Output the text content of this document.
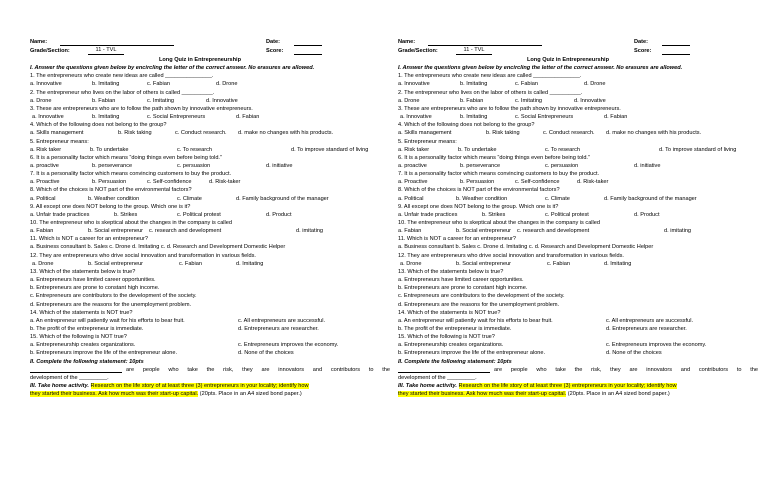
Name:	Date:
Grade/Section:	11 - TVL	Score:
Long Quiz in Entrepreneurship
I. Answer the questions given below by encircling the letter of the correct answer. No erasures are allowed.
1. The entrepreneurs who create new ideas are called _______________.
a. Innovative	b. Imitating	c. Fabian	d. Drone
2. The entrepreneur who lives on the labor of others is called __________.
a. Drone	b. Fabian	c. Imitating	d. Innovative
3. These are entrepreneurs who are to follow the path shown by innovative entrepreneurs.
a. Innovative	b. Imitating	c. Social Entrepreneurs	d. Fabian
4. Which of the following does not belong to the group?
a. Skills management	b. Risk taking	c. Conduct research. d. make no changes with his products.
5. Entrepreneur means:
a. Risk taker	b. To undertake	c. To research	d. To improve standard of living
6. It is a personality factor which means “doing things even before being told.”
a. proactive	b. perseverance	c. persuasion	d. initiative
7. It is a personality factor which means convincing customers to buy the product.
a. Proactive	b. Persuasion	c. Self-confidence	d. Risk-taker
8. Which of the choices is NOT part of the environmental factors?
a. Political	b. Weather condition	c. Climate	d. Family background of the manager
9. All except one does NOT belong to the group. Which one is it?
a. Unfair trade practices	b. Strikes	c. Political protest	d. Product
10. The entrepreneur who is skeptical about the changes in the company is called
a. Fabian	b. Social entrepreneur c. research and development	d. imitating
11. Which is NOT a career for an entrepreneur?
a. Business consultant b. Sales c. Drone d. Imitating c. d. Research and Development Domestic Helper
12. They are entrepreneurs who drive social innovation and transformation in various fields.
a. Drone	b. Social entrepreneur	c. Fabian	d. Imitating
13. Which of the statements below is true?
a. Entrepreneurs have limited career opportunities.
b. Entrepreneurs are prone to constant high income.
c. Entrepreneurs are contributors to the development of the society.
d. Entrepreneurs are the reasons for the unemployment problem.
14. Which of the statements is NOT true?
a. An entrepreneur will patiently wait for his efforts to bear fruit.	c. All entrepreneurs are successful.
b. The profit of the entrepreneur is immediate.	d. Entrepreneurs are researcher.
15. Which of the following is NOT true?
a. Entrepreneurship creates organizations.	c. Entrepreneurs improves the economy.
b. Entrepreneurs improve the life of the entrepreneur alone.	d. None of the choices
II. Complete the following statement: 10pts
are people who take the risk, they are innovators and contributors to the
development of the _________.
III. Take home activity. Research on the life story of at least three (3) entrepreneurs in your locality; identify how
they started their business. Ask how much was their start-up capital. (20pts. Place in an A4 sized bond paper.)
Name:	Date:
Grade/Section:	11 - TVL	Score:
Long Quiz in Entrepreneurship
I. Answer the questions given below by encircling the letter of the correct answer. No erasures are allowed.
1. The entrepreneurs who create new ideas are called _______________.
a. Innovative	b. Imitating	c. Fabian	d. Drone
2. The entrepreneur who lives on the labor of others is called __________.
a. Drone	b. Fabian	c. Imitating	d. Innovative
3. These are entrepreneurs who are to follow the path shown by innovative entrepreneurs.
a. Innovative	b. Imitating	c. Social Entrepreneurs	d. Fabian
4. Which of the following does not belong to the group?
a. Skills management	b. Risk taking	c. Conduct research. d. make no changes with his products.
5. Entrepreneur means:
a. Risk taker	b. To undertake	c. To research	d. To improve standard of living
6. It is a personality factor which means “doing things even before being told.”
a. proactive	b. perseverance	c. persuasion	d. initiative
7. It is a personality factor which means convincing customers to buy the product.
a. Proactive	b. Persuasion	c. Self-confidence	d. Risk-taker
8. Which of the choices is NOT part of the environmental factors?
a. Political	b. Weather condition	c. Climate	d. Family background of the manager
9. All except one does NOT belong to the group. Which one is it?
a. Unfair trade practices	b. Strikes	c. Political protest	d. Product
10. The entrepreneur who is skeptical about the changes in the company is called
a. Fabian	b. Social entrepreneur c. research and development	d. imitating
11. Which is NOT a career for an entrepreneur?
a. Business consultant b. Sales c. Drone d. Imitating c. d. Research and Development Domestic Helper
12. They are entrepreneurs who drive social innovation and transformation in various fields.
a. Drone	b. Social entrepreneur	c. Fabian	d. Imitating
13. Which of the statements below is true?
a. Entrepreneurs have limited career opportunities.
b. Entrepreneurs are prone to constant high income.
c. Entrepreneurs are contributors to the development of the society.
d. Entrepreneurs are the reasons for the unemployment problem.
14. Which of the statements is NOT true?
a. An entrepreneur will patiently wait for his efforts to bear fruit.	c. All entrepreneurs are successful.
b. The profit of the entrepreneur is immediate.	d. Entrepreneurs are researcher.
15. Which of the following is NOT true?
a. Entrepreneurship creates organizations.	c. Entrepreneurs improves the economy.
b. Entrepreneurs improve the life of the entrepreneur alone.	d. None of the choices
II. Complete the following statement: 10pts
are people who take the risk, they are innovators and contributors to the
development of the _________.
III. Take home activity. Research on the life story of at least three (3) entrepreneurs in your locality; identify how
they started their business. Ask how much was their start-up capital. (20pts. Place in an A4 sized bond paper.)
